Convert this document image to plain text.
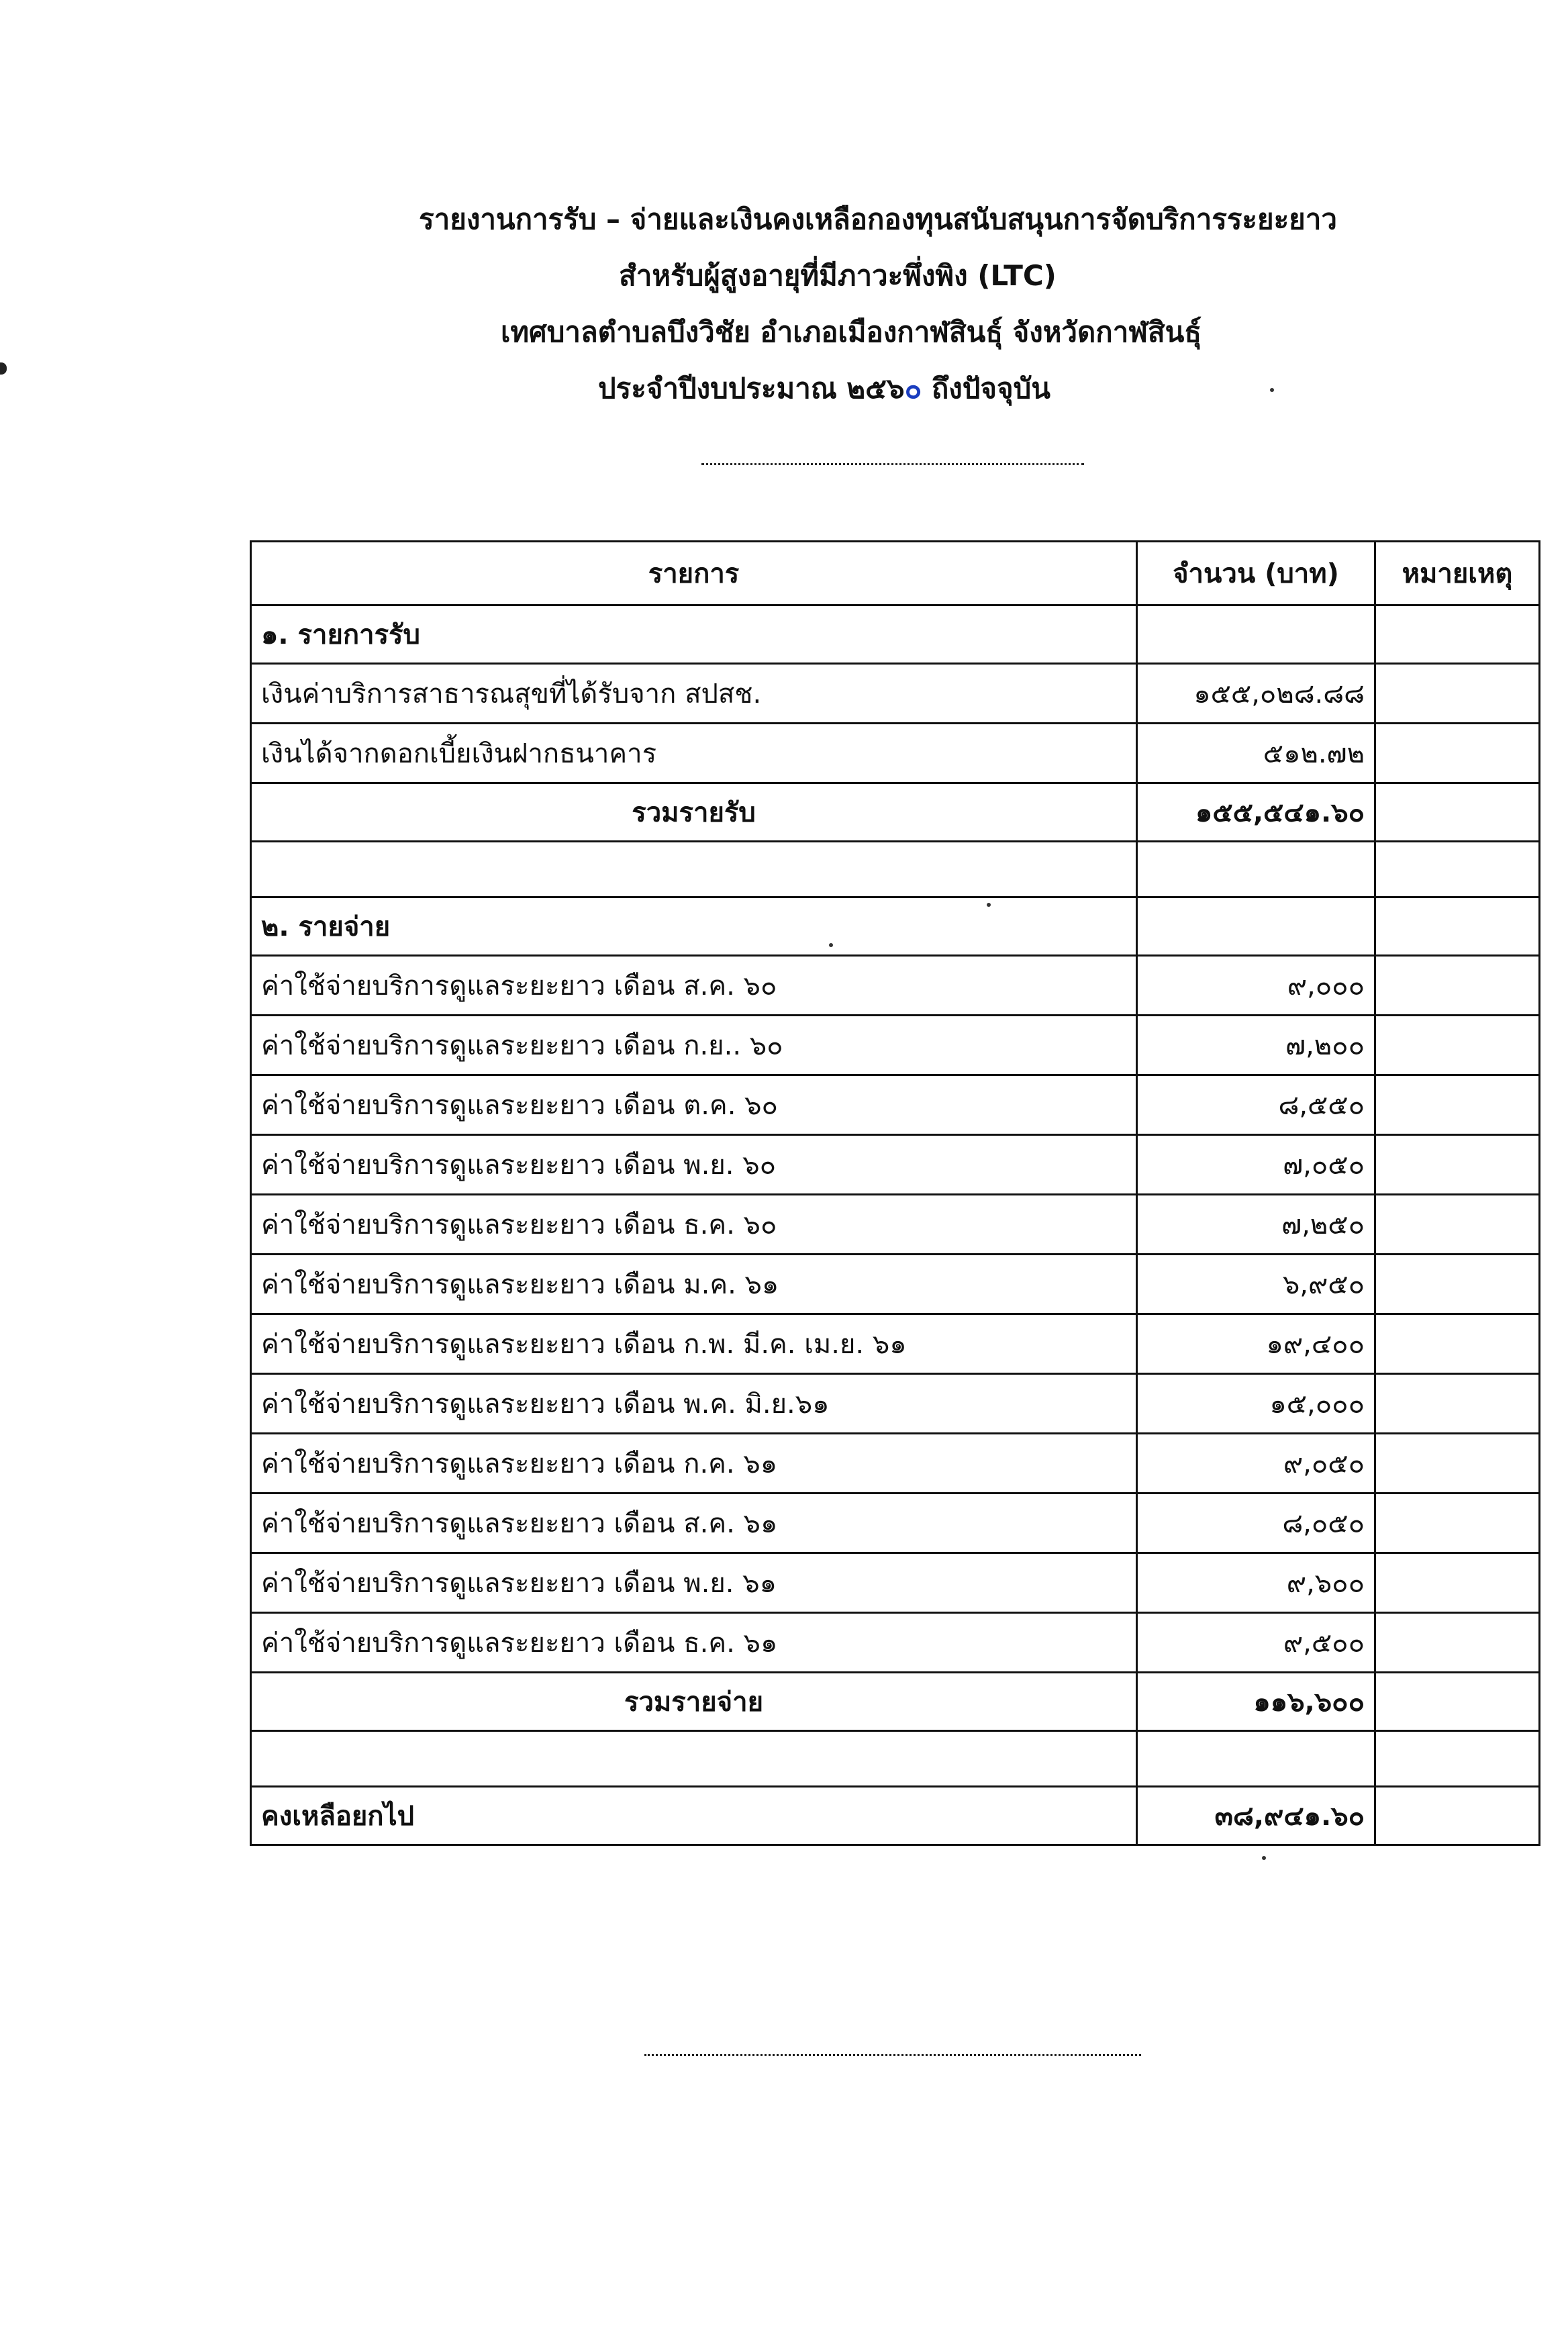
รายงานการรับ – จ่ายและเงินคงเหลือกองทุนสนับสนุนการจัดบริการระยะยาว
สำหรับผู้สูงอายุที่มีภาวะพึ่งพิง (LTC)
เทศบาลตำบลบึงวิชัย อำเภอเมืองกาฬสินธุ์ จังหวัดกาฬสินธุ์
ประจำปีงบประมาณ ๒๕๖๐ ถึงปัจจุบัน
รายการ	จำนวน (บาท)	หมายเหตุ
๑. รายการรับ		
เงินค่าบริการสาธารณสุขที่ได้รับจาก สปสช.	๑๕๕,๐๒๘.๘๘	
เงินได้จากดอกเบี้ยเงินฝากธนาคาร	๕๑๒.๗๒	
รวมรายรับ	๑๕๕,๕๔๑.๖๐	

๒. รายจ่าย		
ค่าใช้จ่ายบริการดูแลระยะยาว เดือน ส.ค. ๖๐	๙,๐๐๐	
ค่าใช้จ่ายบริการดูแลระยะยาว เดือน ก.ย.. ๖๐	๗,๒๐๐	
ค่าใช้จ่ายบริการดูแลระยะยาว เดือน ต.ค. ๖๐	๘,๕๕๐	
ค่าใช้จ่ายบริการดูแลระยะยาว เดือน พ.ย. ๖๐	๗,๐๕๐	
ค่าใช้จ่ายบริการดูแลระยะยาว เดือน ธ.ค. ๖๐	๗,๒๕๐	
ค่าใช้จ่ายบริการดูแลระยะยาว เดือน ม.ค. ๖๑	๖,๙๕๐	
ค่าใช้จ่ายบริการดูแลระยะยาว เดือน ก.พ. มี.ค. เม.ย. ๖๑	๑๙,๔๐๐	
ค่าใช้จ่ายบริการดูแลระยะยาว เดือน พ.ค. มิ.ย.๖๑	๑๕,๐๐๐	
ค่าใช้จ่ายบริการดูแลระยะยาว เดือน ก.ค. ๖๑	๙,๐๕๐	
ค่าใช้จ่ายบริการดูแลระยะยาว เดือน ส.ค. ๖๑	๘,๐๕๐	
ค่าใช้จ่ายบริการดูแลระยะยาว เดือน พ.ย. ๖๑	๙,๖๐๐	
ค่าใช้จ่ายบริการดูแลระยะยาว เดือน ธ.ค. ๖๑	๙,๕๐๐	
รวมรายจ่าย	๑๑๖,๖๐๐	

คงเหลือยกไป	๓๘,๙๔๑.๖๐	
